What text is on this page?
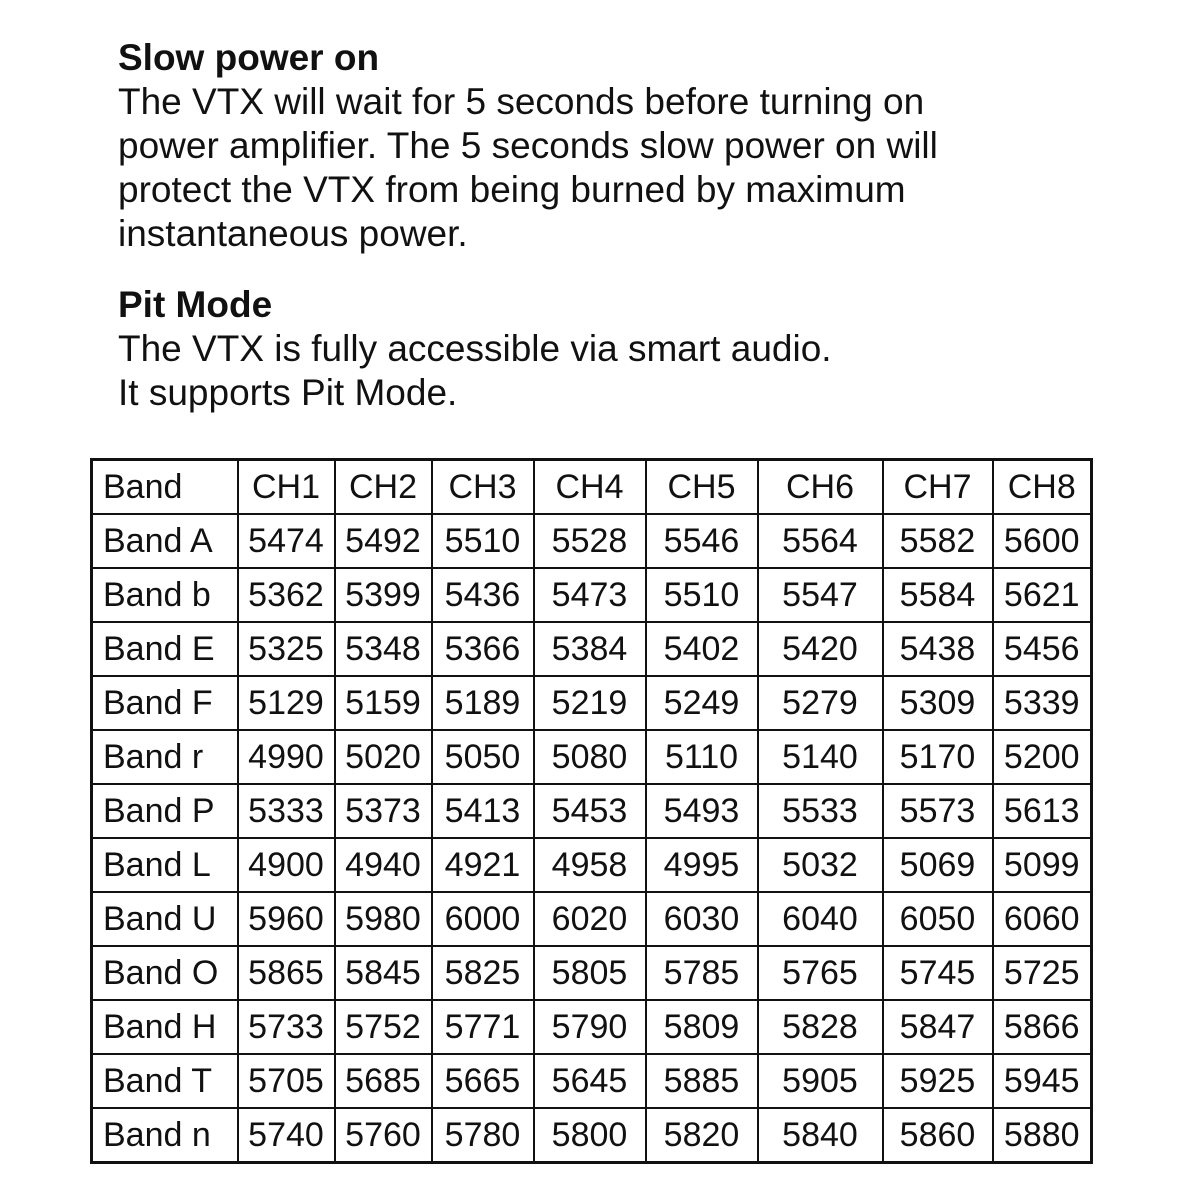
Slow power on

The VTX will wait for 5 seconds before turning on
power amplifier. The 5 seconds slow power on will
protect the VTX from being burned by maximum
instantaneous power.

Pit Mode

The VTX is fully accessible via smart audio.
It supports Pit Mode.

Band	CH1	CH2	CH3	CH4	CH5	CH6	CH7	CH8
Band A	5474	5492	5510	5528	5546	5564	5582	5600
Band b	5362	5399	5436	5473	5510	5547	5584	5621
Band E	5325	5348	5366	5384	5402	5420	5438	5456
Band F	5129	5159	5189	5219	5249	5279	5309	5339
Band r	4990	5020	5050	5080	5110	5140	5170	5200
Band P	5333	5373	5413	5453	5493	5533	5573	5613
Band L	4900	4940	4921	4958	4995	5032	5069	5099
Band U	5960	5980	6000	6020	6030	6040	6050	6060
Band O	5865	5845	5825	5805	5785	5765	5745	5725
Band H	5733	5752	5771	5790	5809	5828	5847	5866
Band T	5705	5685	5665	5645	5885	5905	5925	5945
Band n	5740	5760	5780	5800	5820	5840	5860	5880
